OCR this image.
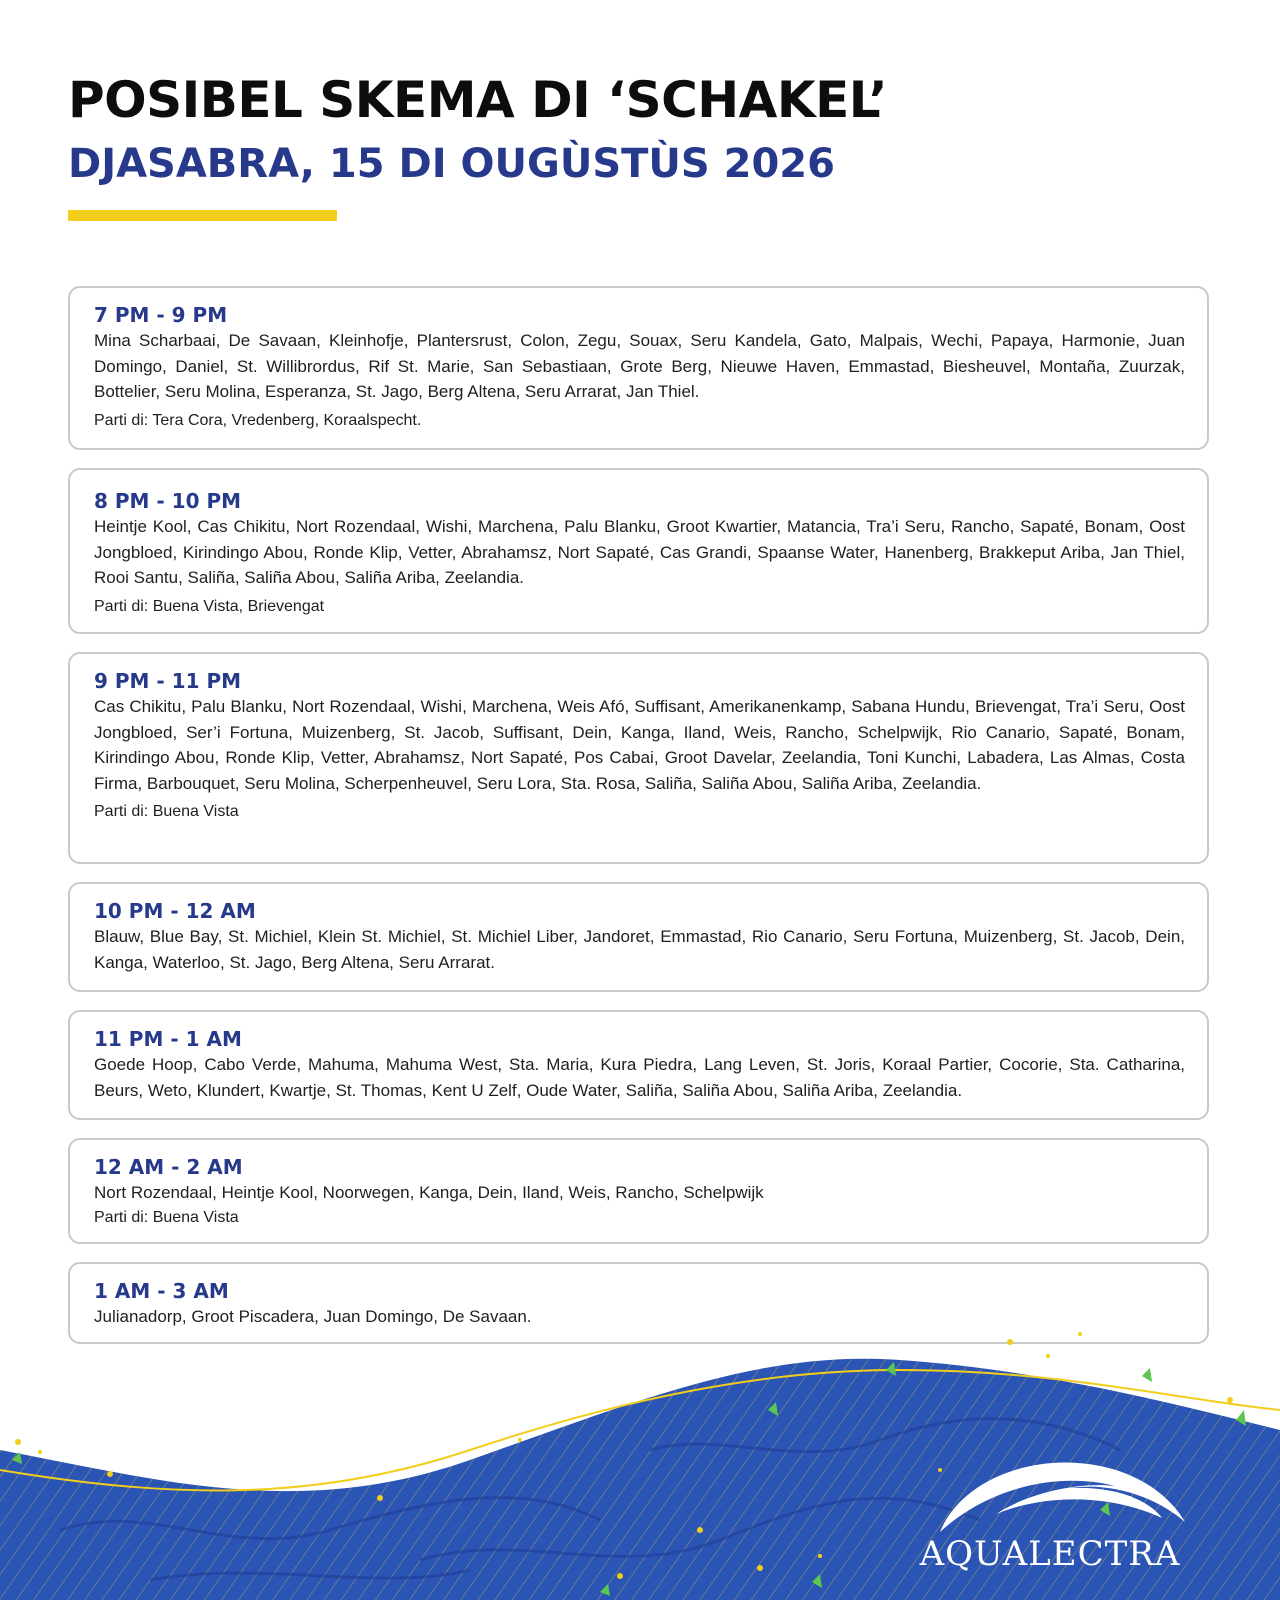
POSIBEL SKEMA DI ‘SCHAKEL’
DJASABRA, 15 DI OUGÙSTÙS 2026

7 PM - 9 PM

Mina Scharbaai, De Savaan, Kleinhofje, Plantersrust, Colon, Zegu, Souax, Seru Kandela, Gato, Malpais, Wechi, Papaya, Harmonie, Juan Domingo, Daniel, St. Willibrordus, Rif St. Marie, San Sebastiaan, Grote Berg, Nieuwe Haven, Emmastad, Biesheuvel, Montaña, Zuurzak, Bottelier, Seru Molina, Esperanza, St. Jago, Berg Altena, Seru Arrarat, Jan Thiel.

Parti di: Tera Cora, Vredenberg, Koraalspecht.

8 PM - 10 PM

Heintje Kool, Cas Chikitu, Nort Rozendaal, Wishi, Marchena, Palu Blanku, Groot Kwartier, Matancia, Tra’i Seru, Rancho, Sapaté, Bonam, Oost Jongbloed, Kirindingo Abou, Ronde Klip, Vetter, Abrahamsz, Nort Sapaté, Cas Grandi, Spaanse Water, Hanenberg, Brakkeput Ariba, Jan Thiel, Rooi Santu, Saliña, Saliña Abou, Saliña Ariba, Zeelandia.

Parti di: Buena Vista, Brievengat

9 PM - 11 PM

Cas Chikitu, Palu Blanku, Nort Rozendaal, Wishi, Marchena, Weis Afó, Suffisant, Amerikanenkamp, Sabana Hundu, Brievengat, Tra’i Seru, Oost Jongbloed, Ser’i Fortuna, Muizenberg, St. Jacob, Suffisant, Dein, Kanga, Iland, Weis, Rancho, Schelpwijk, Rio Canario, Sapaté, Bonam, Kirindingo Abou, Ronde Klip, Vetter, Abrahamsz, Nort Sapaté, Pos Cabai, Groot Davelar, Zeelandia, Toni Kunchi, Labadera, Las Almas, Costa Firma, Barbouquet, Seru Molina, Scherpenheuvel, Seru Lora, Sta. Rosa, Saliña, Saliña Abou, Saliña Ariba, Zeelandia.

Parti di: Buena Vista

10 PM - 12 AM

Blauw, Blue Bay, St. Michiel, Klein St. Michiel, St. Michiel Liber, Jandoret, Emmastad, Rio Canario, Seru Fortuna, Muizenberg, St. Jacob, Dein, Kanga, Waterloo, St. Jago, Berg Altena, Seru Arrarat.

11 PM - 1 AM

Goede Hoop, Cabo Verde, Mahuma, Mahuma West, Sta. Maria, Kura Piedra, Lang Leven, St. Joris, Koraal Partier, Cocorie, Sta. Catharina, Beurs, Weto, Klundert, Kwartje, St. Thomas, Kent U Zelf, Oude Water, Saliña, Saliña Abou, Saliña Ariba, Zeelandia.

12 AM - 2 AM

Nort Rozendaal, Heintje Kool, Noorwegen, Kanga, Dein, Iland, Weis, Rancho, Schelpwijk

Parti di: Buena Vista

1 AM - 3 AM

Julianadorp, Groot Piscadera, Juan Domingo, De Savaan.

AQUALECTRA
